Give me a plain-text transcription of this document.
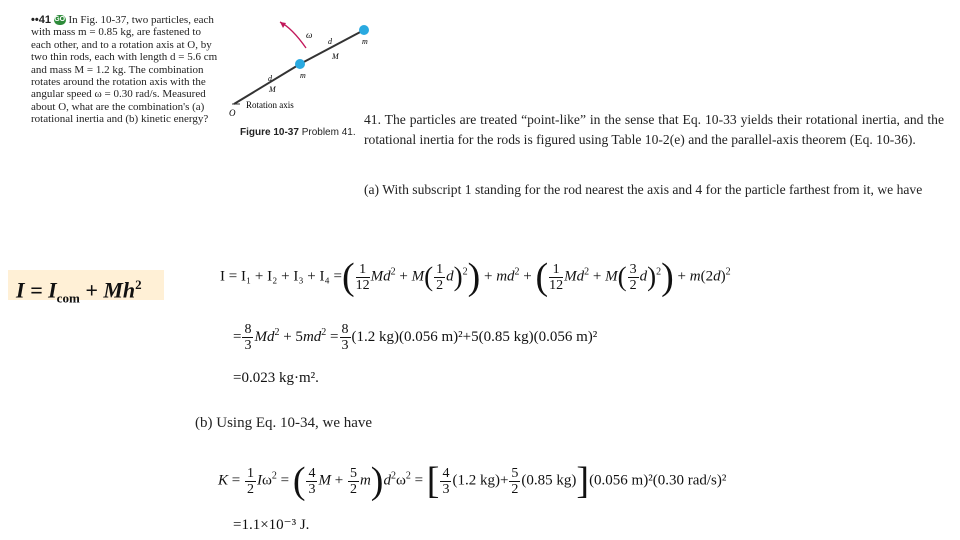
••41 GO In Fig. 10-37, two particles, each with mass m = 0.85 kg, are fastened to each other, and to a rotation axis at O, by two thin rods, each with length d = 5.6 cm and mass M = 1.2 kg. The combination rotates around the rotation axis with the angular speed ω = 0.30 rad/s. Measured about O, what are the combination's (a) rotational inertia and (b) kinetic energy?
ω
d
M
m
d
M
m
O
Rotation axis
Figure 10-37 Problem 41.
41. The particles are treated “point-like” in the sense that Eq. 10-33 yields their rotational inertia, and the rotational inertia for the rods is figured using Table 10-2(e) and the parallel-axis theorem (Eq. 10-36).
(a) With subscript 1 standing for the rod nearest the axis and 4 for the particle farthest from it, we have
$I = I_{com} + Mh^2$
I = I₁ + I₂ + I₃ + I₄ =( $\frac{1}{12} Md^2 + M( \frac{1}{2} d)^2) + md^2$ + ( $\frac{1}{12} Md^2 + M( \frac{3}{2} d)^2) + m(2d)^2$
= $\frac{8}{3} Md^2 + 5md^2 = \frac{8}{3} (1.2$ kg)(0.056 m)²+5(0.85 kg)(0.056 m)²
=0.023 kg·m².
(b) Using Eq. 10-34, we have
$K = \frac{1}{2} I\omega^2$ = ( $\frac{4}{3}$ $M + \frac{5}{2} m)d^2\omega^2$ = [ $\frac{4}{3} (1.2$ $kg)+ \frac{5}{2} (0.85$ kg)](0.056 m)²(0.30 rad/s)²
=1.1×10⁻³ J.
